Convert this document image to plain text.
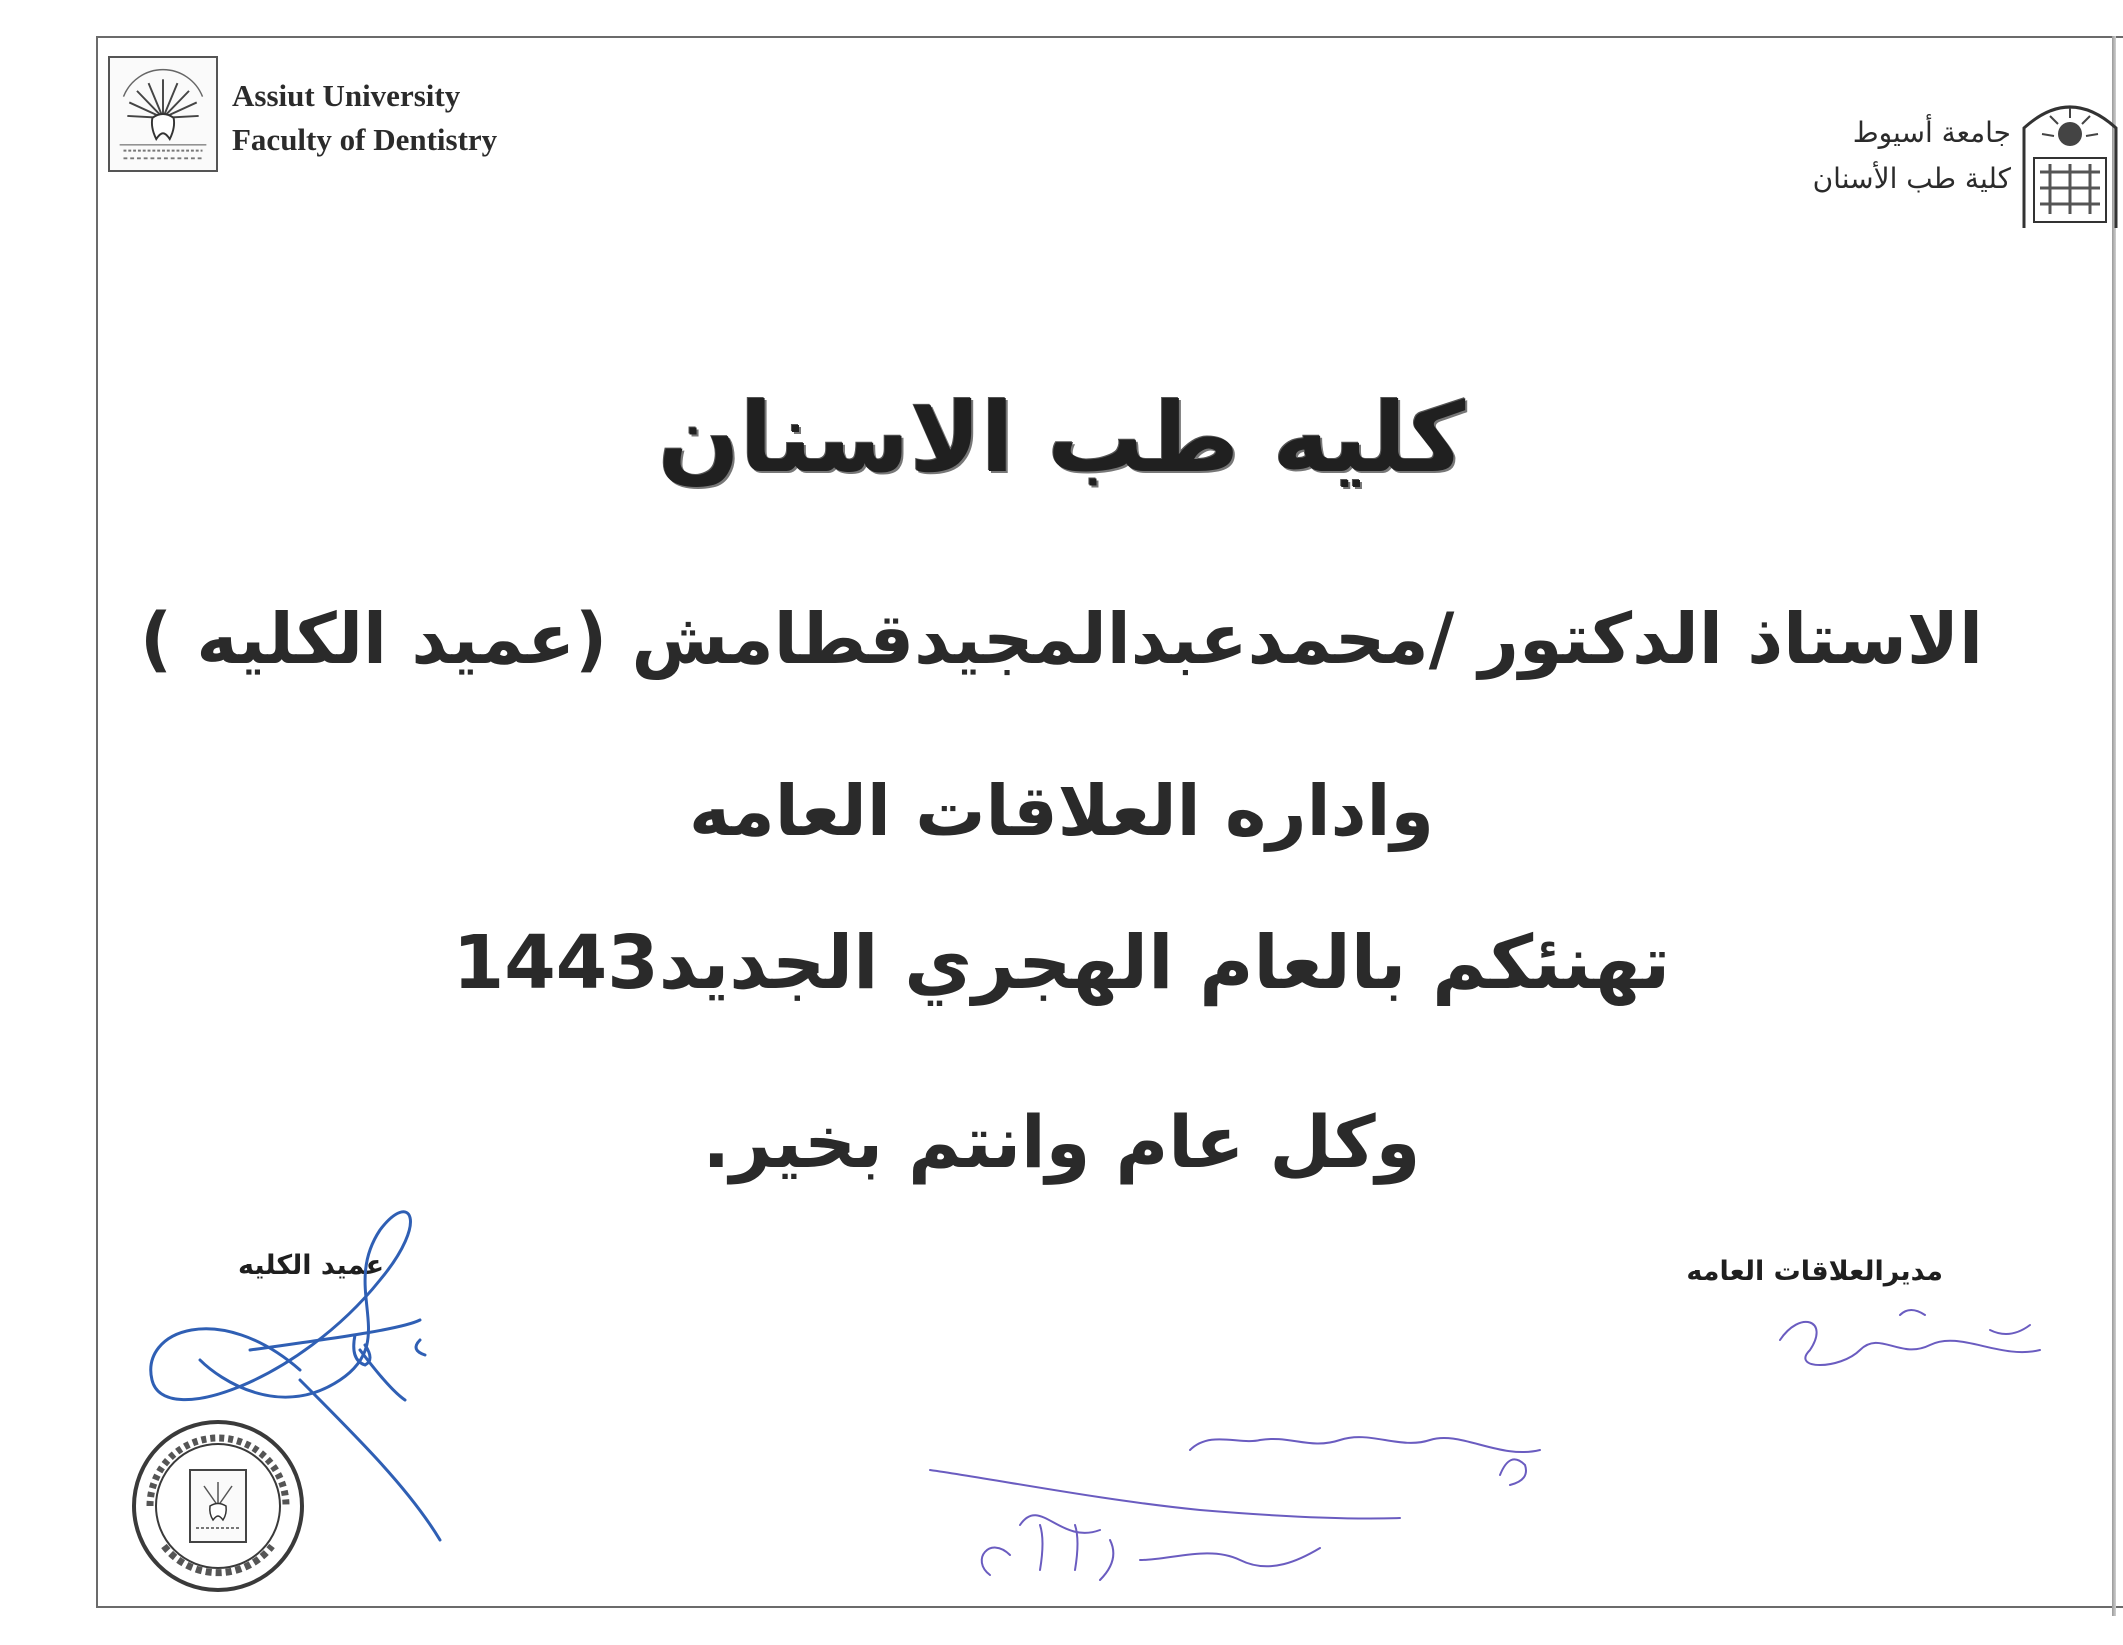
Assiut University
Faculty of Dentistry	جامعة أسيوط
كلية طب الأسنان
كليه طب الاسنان
الاستاذ الدكتور /محمدعبدالمجيدقطامش (عميد الكليه )
واداره العلاقات العامه
تهنئكم بالعام الهجري الجديد1443
وكل عام وانتم بخير.
عميد الكليه	مديرالعلاقات العامه
